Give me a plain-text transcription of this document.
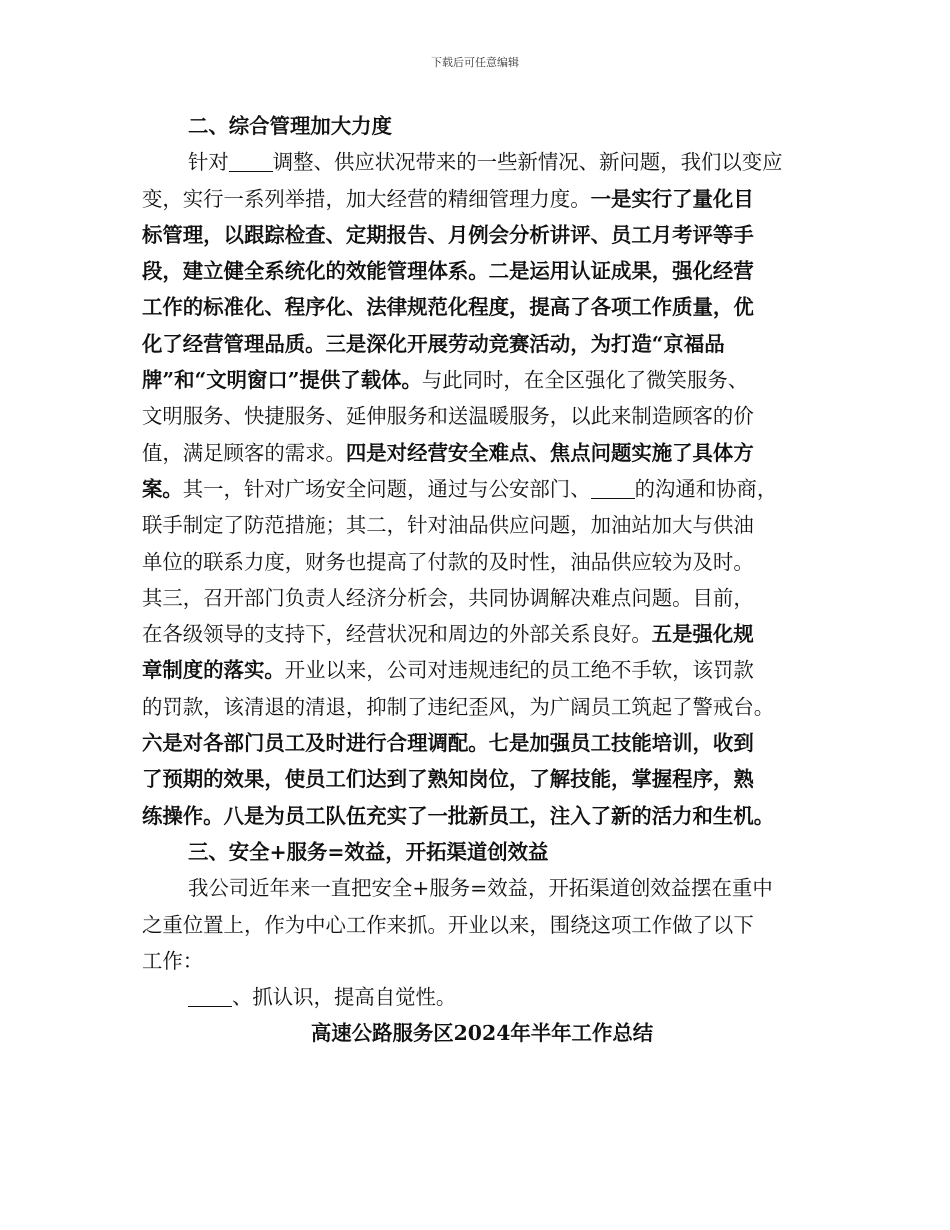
下载后可任意编辑
二、综合管理加大力度
针对 调整、供应状况带来的一些新情况、新问题，我们以变应
变，实行一系列举措，加大经营的精细管理力度。一是实行了量化目
标管理，以跟踪检查、定期报告、月例会分析讲评、员工月考评等手
段，建立健全系统化的效能管理体系。二是运用认证成果，强化经营
工作的标准化、程序化、法律规范化程度，提高了各项工作质量，优
化了经营管理品质。三是深化开展劳动竞赛活动，为打造“京福品
牌”和“文明窗口”提供了载体。与此同时，在全区强化了微笑服务、
文明服务、快捷服务、延伸服务和送温暖服务，以此来制造顾客的价
值，满足顾客的需求。四是对经营安全难点、焦点问题实施了具体方
案。其一，针对广场安全问题，通过与公安部门、 的沟通和协商，
联手制定了防范措施；其二，针对油品供应问题，加油站加大与供油
单位的联系力度，财务也提高了付款的及时性，油品供应较为及时。
其三，召开部门负责人经济分析会，共同协调解决难点问题。目前，
在各级领导的支持下，经营状况和周边的外部关系良好。五是强化规
章制度的落实。开业以来，公司对违规违纪的员工绝不手软，该罚款
的罚款，该清退的清退，抑制了违纪歪风，为广阔员工筑起了警戒台。
六是对各部门员工及时进行合理调配。七是加强员工技能培训，收到
了预期的效果，使员工们达到了熟知岗位，了解技能，掌握程序，熟
练操作。八是为员工队伍充实了一批新员工，注入了新的活力和生机。
三、安全+服务=效益，开拓渠道创效益
我公司近年来一直把安全+服务=效益，开拓渠道创效益摆在重中
之重位置上，作为中心工作来抓。开业以来，围绕这项工作做了以下
工作：
、抓认识，提高自觉性。
高速公路服务区2024年半年工作总结
